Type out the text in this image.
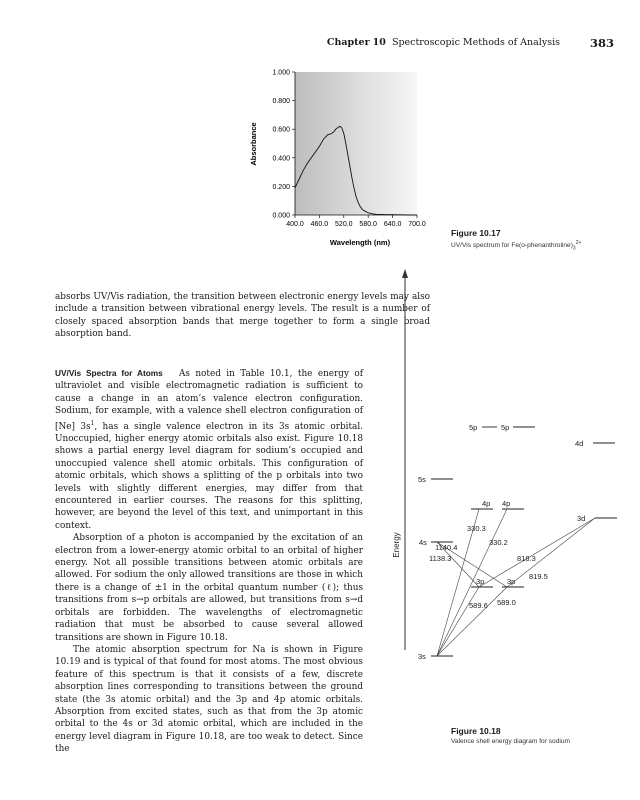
Chapter 10 Spectroscopic Methods of Analysis	383
0.000
0.200
0.400
0.600
0.800
1.000
400.0 460.0 520.0 580.0 640.0 700.0
Absorbance
Wavelength (nm)
Figure 10.17
UV/Vis spectrum for $Fe(o-phenanthroline)_3^{2+}$

absorbs UV/Vis radiation, the transition between electronic energy levels may also include a transition between vibrational energy levels. The result is a number of closely spaced absorption bands that merge together to form a single broad absorption band.

UV/Vis Spectra for Atoms As noted in Table 10.1, the energy of ultraviolet and visible electromagnetic radiation is sufficient to cause a change in an atom’s valence electron configuration. Sodium, for example, with a valence shell electron configuration of [Ne] $3s^1$, has a single valence electron in its 3s atomic orbital. Unoccupied, higher energy atomic orbitals also exist. Figure 10.18 shows a partial energy level diagram for sodium’s occupied and unoccupied valence shell atomic orbitals. This configuration of atomic orbitals, which shows a splitting of the p orbitals into two levels with slightly different energies, may differ from that encountered in earlier courses. The reasons for this splitting, however, are beyond the level of this text, and unimportant in this context.

Absorption of a photon is accompanied by the excitation of an electron from a lower-energy atomic orbital to an orbital of higher energy. Not all possible transitions between atomic orbitals are allowed. For sodium the only allowed transitions are those in which there is a change of ±1 in the orbital quantum number (ℓ); thus transitions from s→p orbitals are allowed, but transitions from s→d orbitals are forbidden. The wavelengths of electromagnetic radiation that must be absorbed to cause several allowed transitions are shown in Figure 10.18.

The atomic absorption spectrum for Na is shown in Figure 10.19 and is typical of that found for most atoms. The most obvious feature of this spectrum is that it consists of a few, discrete absorption lines corresponding to transitions between the ground state (the 3s atomic orbital) and the 3p and 4p atomic orbitals. Absorption from excited states, such as that from the 3p atomic orbital to the 4s or 3d atomic orbital, which are included in the energy level diagram in Figure 10.18, are too weak to detect. Since the

Energy
3s
4s
5s
3p	3p
4p 4p
5p	5p
3d
4d
1140.4
1138.3
330.3
330.2
818.3
819.5
589.6 589.0
Figure 10.18
Valence shell energy diagram for sodium
